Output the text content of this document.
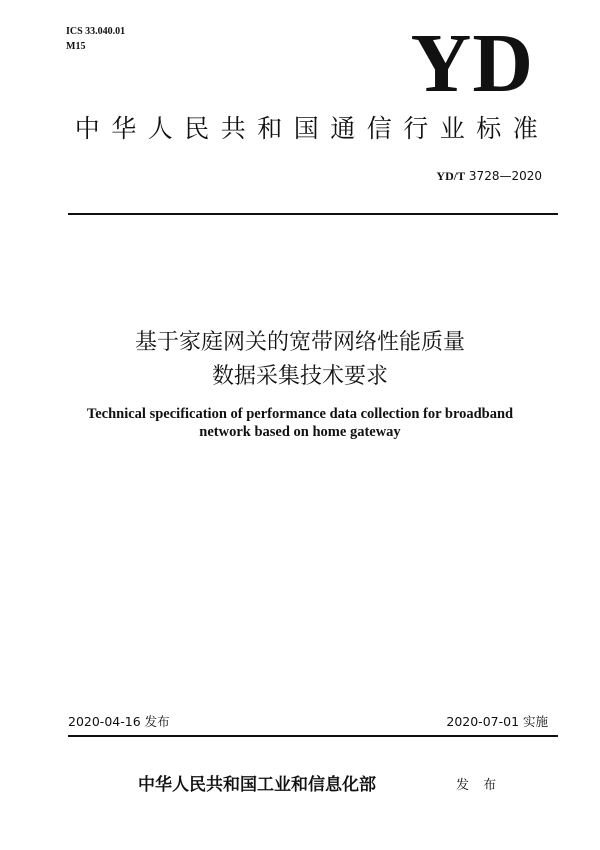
ICS 33.040.01
M15	YD
中华人民共和国通信行业标准
YD/T 3728—2020
基于家庭网关的宽带网络性能质量
数据采集技术要求
Technical specification of performance data collection for broadband
network based on home gateway
2020-04-16 发布	2020-07-01 实施
中华人民共和国工业和信息化部	发 布
